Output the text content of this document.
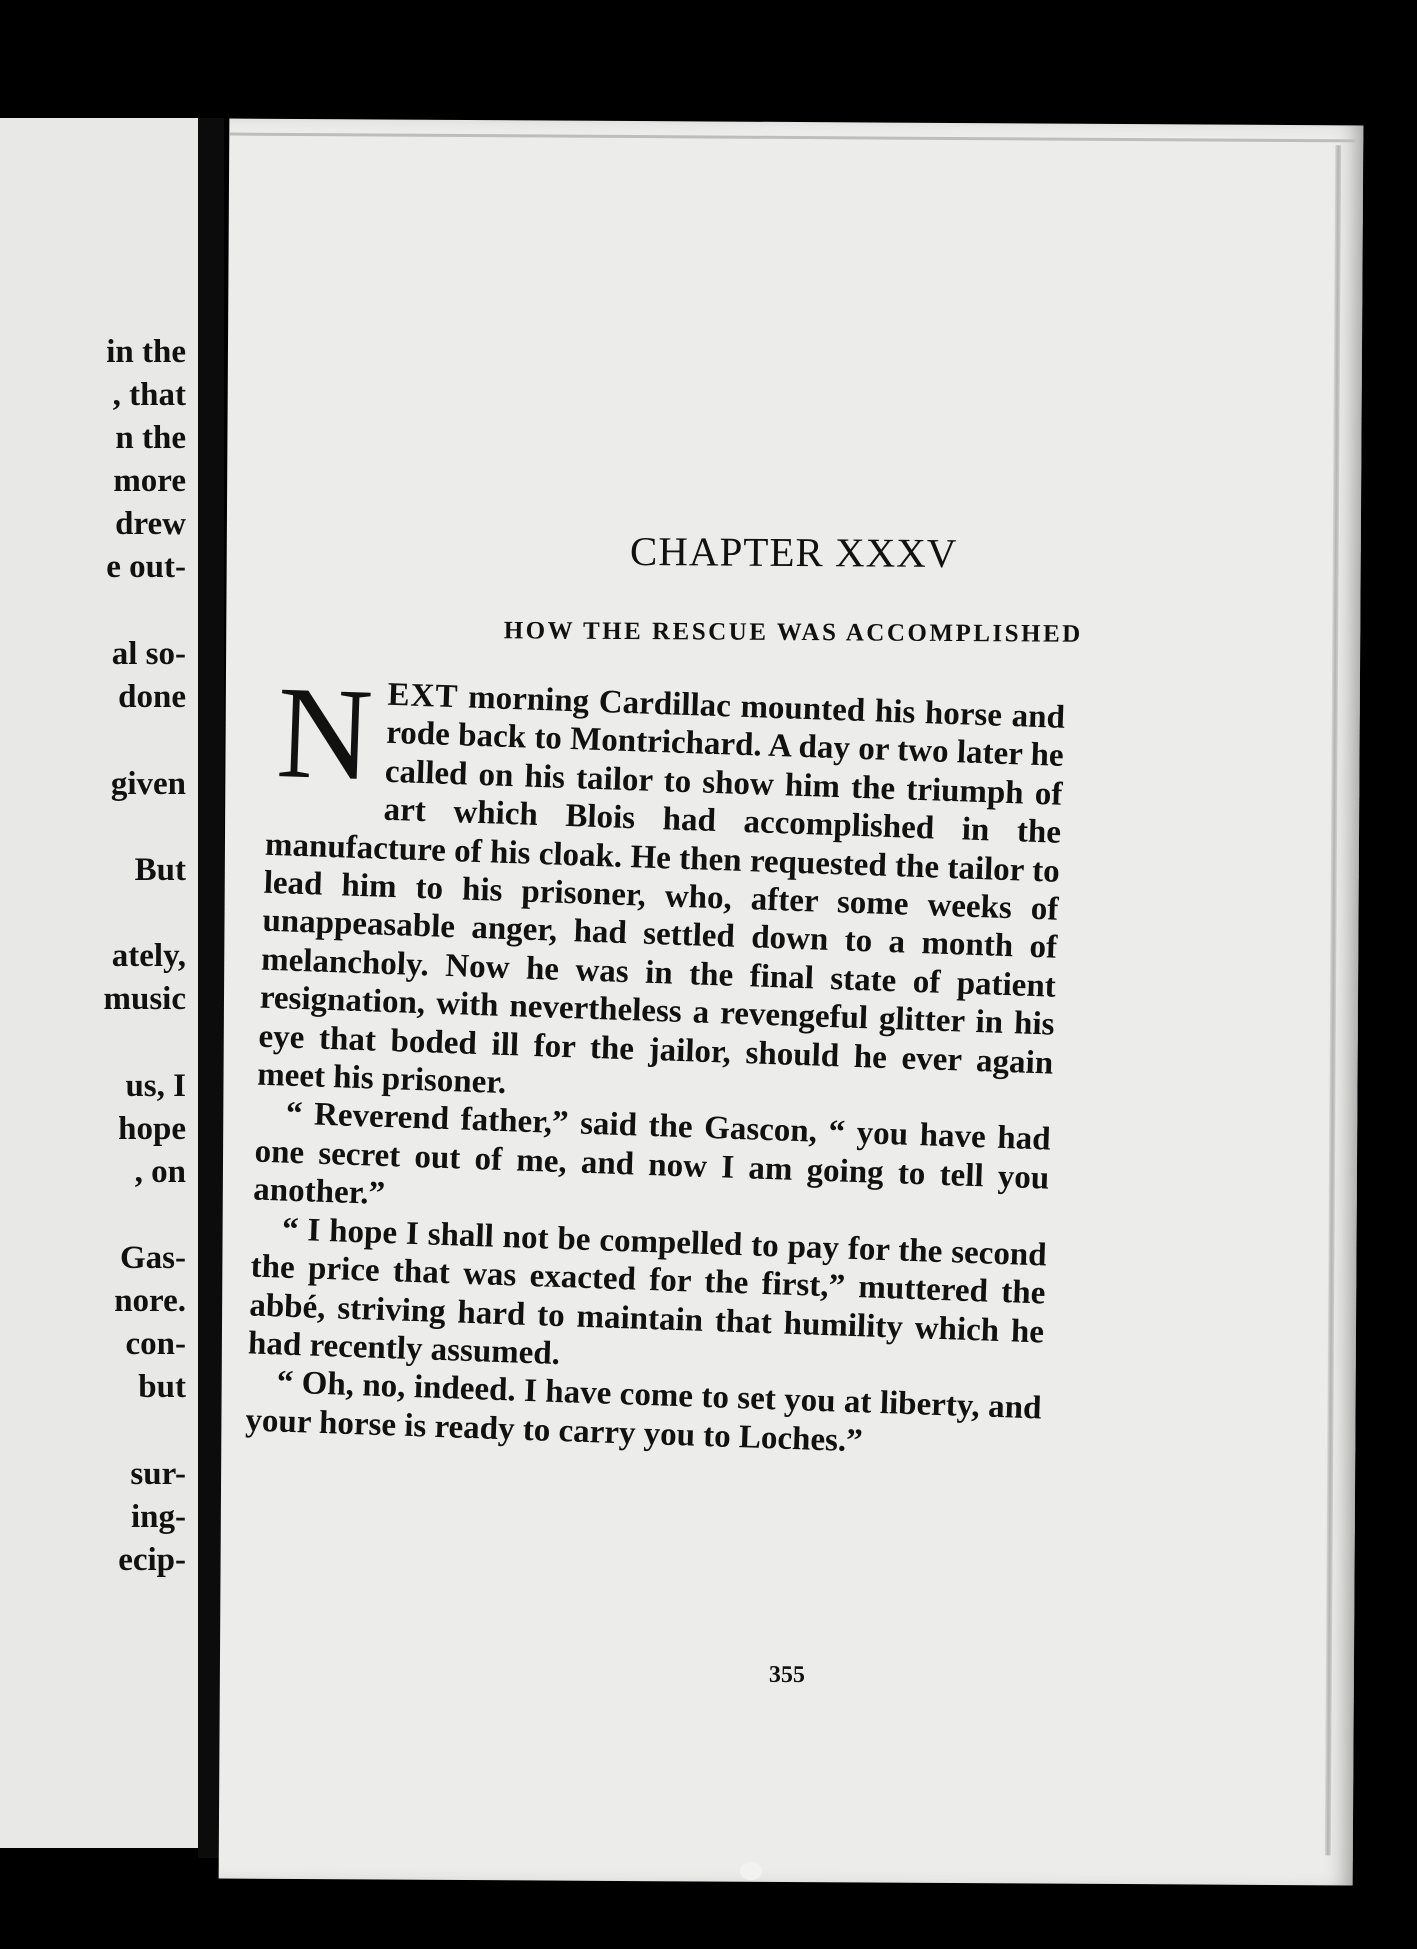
in the
, that
n the
more
drew
e out-
al so-
done
given
But
ately,
music
us, I
hope
, on
Gas-
nore.
con-
but
sur-
ing-
ecip-
CHAPTER XXXV
HOW THE RESCUE WAS ACCOMPLISHED

NEXT morning Cardillac mounted his horse and rode back to Montrichard. A day or two later he called on his tailor to show him the triumph of art which Blois had accomplished in the manufacture of his cloak. He then requested the tailor to lead him to his prisoner, who, after some weeks of unappeasable anger, had settled down to a month of melancholy. Now he was in the final state of patient resignation, with nevertheless a revengeful glitter in his eye that boded ill for the jailor, should he ever again meet his prisoner.

“ Reverend father,” said the Gascon, “ you have had one secret out of me, and now I am going to tell you another.”

“ I hope I shall not be compelled to pay for the second the price that was exacted for the first,” muttered the abbé, striving hard to maintain that humility which he had recently assumed.

“ Oh, no, indeed. I have come to set you at liberty, and your horse is ready to carry you to Loches.”

355
